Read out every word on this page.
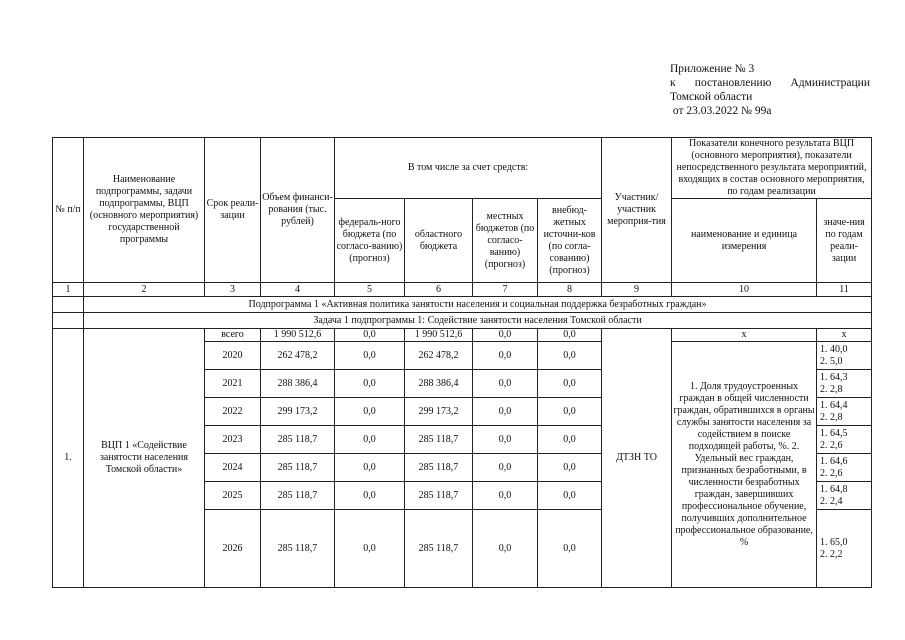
Приложение № 3
к постановлению Администрации
Томской области
от 23.03.2022 № 99а
№ п/п	Наименование подпрограммы, задачи подпрограммы, ВЦП (основного мероприятия) государственной программы	Срок реали-зации	Объем финанси-рования (тыс. рублей)	В том числе за счет средств:				Участник/ участник мероприя-тия	Показатели конечного результата ВЦП (основного мероприятия), показатели непосредственного результата мероприятий, входящих в состав основного мероприятия, по годам реализации	
				федераль-ного бюджета (по согласо-ванию) (прогноз)	областного бюджета	местных бюджетов (по согласо-ванию) (прогноз)	внебюд-жетных источни-ков (по согла-сованию) (прогноз)		наименование и единица измерения	значе-ния по годам реали-зации

1	2	3	4	5	6	7	8	9	10	11
	Подпрограмма 1 «Активная политика занятости населения и социальная поддержка безработных граждан»									
	Задача 1 подпрограммы 1: Содействие занятости населения Томской области									
1.	ВЦП 1 «Содействие занятости населения Томской области»	всего	1 990 512,6	0,0	1 990 512,6	0,0	0,0	ДТЗН ТО	х	х
		2020	262 478,2	0,0	262 478,2	0,0	0,0		1. Доля трудоустроенных граждан в общей численности граждан, обратившихся в органы службы занятости населения за содействием в поиске подходящей работы, %. 2. Удельный вес граждан, признанных безработными, в численности безработных граждан, завершивших профессиональное обучение, получивших дополнительное профессиональное образование, %	1. 40,0
2. 5,0

		2021	288 386,4	0,0	288 386,4	0,0	0,0			1. 64,3
2. 2,8

		2022	299 173,2	0,0	299 173,2	0,0	0,0			1. 64,4
2. 2,8

		2023	285 118,7	0,0	285 118,7	0,0	0,0			1. 64,5
2. 2,6

		2024	285 118,7	0,0	285 118,7	0,0	0,0			1. 64,6
2. 2,6

		2025	285 118,7	0,0	285 118,7	0,0	0,0			1. 64,8
2. 2,4

		2026	285 118,7	0,0	285 118,7	0,0	0,0			1. 65,0
2. 2,2
